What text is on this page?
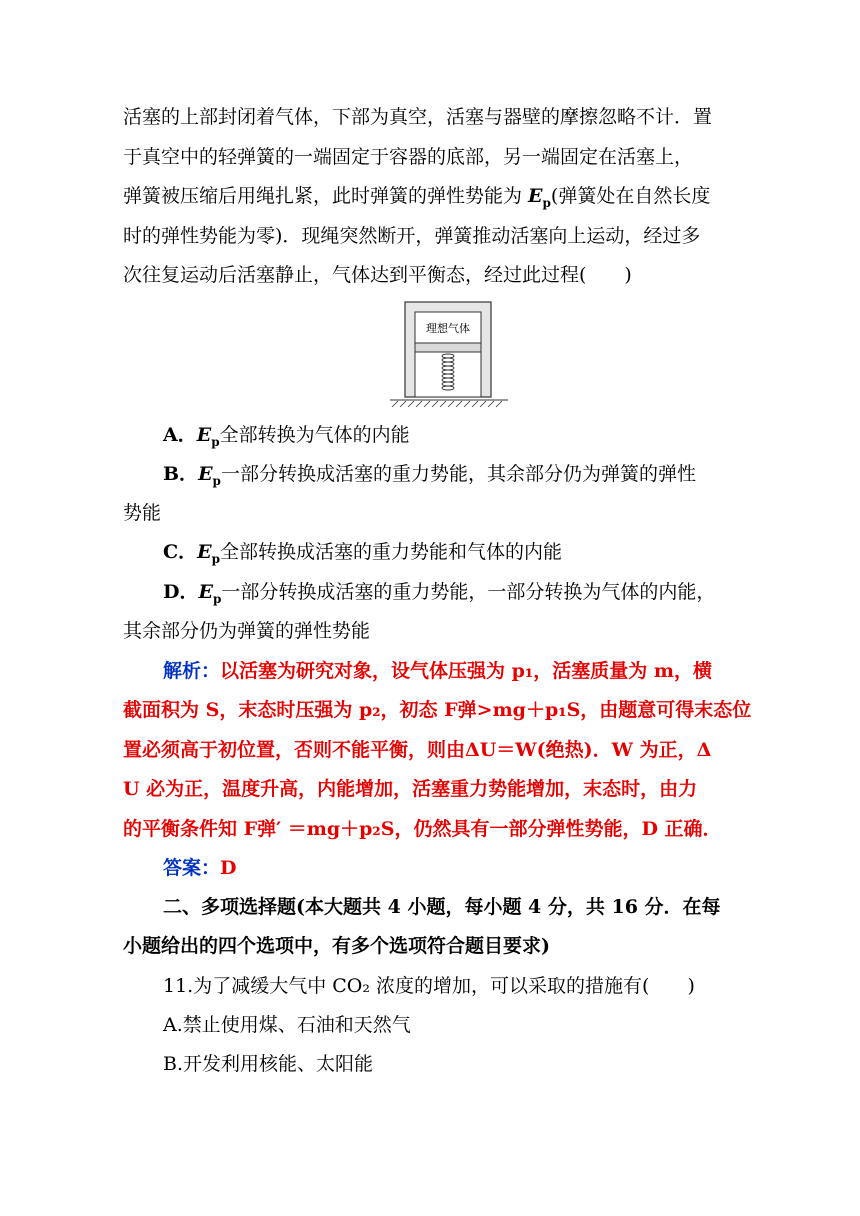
活塞的上部封闭着气体，下部为真空，活塞与器壁的摩擦忽略不计．置
于真空中的轻弹簧的一端固定于容器的底部，另一端固定在活塞上，
弹簧被压缩后用绳扎紧，此时弹簧的弹性势能为 $E_p$(弹簧处在自然长度
时的弹性势能为零)．现绳突然断开，弹簧推动活塞向上运动，经过多
次往复运动后活塞静止，气体达到平衡态，经过此过程(　　)
理想气体
A．$E_p$全部转换为气体的内能
B．$E_p$一部分转换成活塞的重力势能，其余部分仍为弹簧的弹性
势能
C．$E_p$全部转换成活塞的重力势能和气体的内能
D．$E_p$一部分转换成活塞的重力势能，一部分转换为气体的内能，
其余部分仍为弹簧的弹性势能
解析：以活塞为研究对象，设气体压强为 p₁，活塞质量为 m，横
截面积为 S，末态时压强为 p₂，初态 F弹>mg＋p₁S，由题意可得末态位
置必须高于初位置，否则不能平衡，则由ΔU＝W(绝热)．W 为正，Δ
U 必为正，温度升高，内能增加，活塞重力势能增加，末态时，由力
的平衡条件知 F弹′ ＝mg＋p₂S，仍然具有一部分弹性势能，D 正确．
答案：D
二、多项选择题(本大题共 4 小题，每小题 4 分，共 16 分．在每
小题给出的四个选项中，有多个选项符合题目要求)
11.为了减缓大气中 CO₂ 浓度的增加，可以采取的措施有(　　)
A.禁止使用煤、石油和天然气
B.开发利用核能、太阳能
